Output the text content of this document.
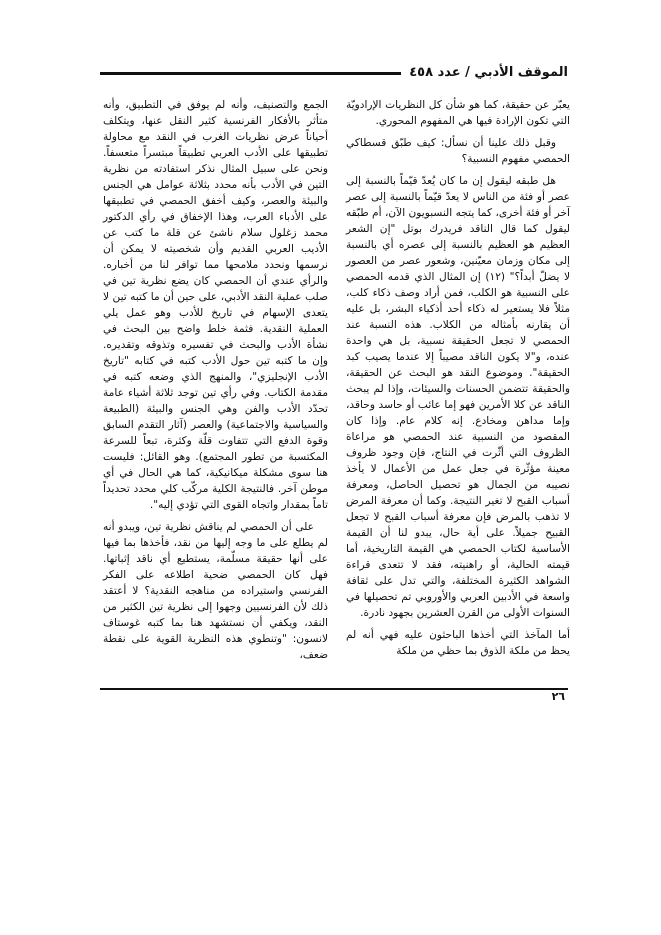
الموقف الأدبي / عدد ٤٥٨

يعبّر عن حقيقة، كما هو شأن كل النظريات الإرادويّة التي تكون الإرادة فيها هي المفهوم المحوري.

وقبل ذلك علينا أن نسأل: كيف طبّق قسطاكي الحمصي مفهوم النسبية؟

هل طبقه ليقول إن ما كان يُعدّ قيّماً بالنسبة إلى عصر أو فئة من الناس لا يعدّ قيّماً بالنسبة إلى عصر آخر أو فئة أخرى، كما يتجه النسبويون الآن، أم طبّقه ليقول كما قال الناقد فريدرك بوتل "إن الشعر العظيم هو العظيم بالنسبة إلى عصره أي بالنسبة إلى مكان وزمان معيّنين، وشعور عصر من العصور لا يضلّ أبداً؟" (١٢) إن المثال الذي قدمه الحمصي على النسبية هو الكلب، فمن أراد وصف ذكاء كلب، مثلاً فلا يستعير له ذكاء أحد أذكياء البشر، بل عليه أن يقارنه بأمثاله من الكلاب. هذه النسبة عند الحمصي لا تجعل الحقيقة نسبية، بل هي واحدة عنده، و"لا يكون الناقد مصيباً إلا عندما يصيب كبد الحقيقة". وموضوع النقد هو البحث عن الحقيقة، والحقيقة تتضمن الحسنات والسيئات، وإذا لم يبحث الناقد عن كلا الأمرين فهو إما عائب أو حاسد وحاقد، وإما مداهن ومخادع. إنه كلام عام. وإذا كان المقصود من النسبية عند الحمصي هو مراعاة الظروف التي أثّرت في النتاج، فإن وجود ظروف معينة مؤثّرة في جعل عمل من الأعمال لا يأخذ نصيبه من الجمال هو تحصيل الحاصل، ومعرفة أسباب القبح لا تغير النتيجة. وكما أن معرفة المرض لا تذهب بالمرض فإن معرفة أسباب القبح لا تجعل القبيح جميلاً. على أية حال، يبدو لنا أن القيمة الأساسية لكتاب الحمصي هي القيمة التاريخية، أما قيمته الحالية، أو راهنيته، فقد لا تتعدى قراءة الشواهد الكثيرة المختلفة، والتي تدل على ثقافة واسعة في الأدبين العربي والأوروبي تم تحصيلها في السنوات الأولى من القرن العشرين بجهود نادرة.

أما المآخذ التي أخذها الباحثون عليه فهي أنه لم يحظ من ملكة الذوق بما حظي من ملكة

الجمع والتصنيف، وأنه لم يوفق في التطبيق، وأنه متأثر بالأفكار الفرنسية كثير النقل عنها، ويتكلف أحياناً عرض نظريات الغرب في النقد مع محاولة تطبيقها على الأدب العربي تطبيقاً مبتسراً متعسفاً. ونحن على سبيل المثال نذكر استفادته من نظرية التين في الأدب بأنه محدد بثلاثة عوامل هي الجنس والبيئة والعصر، وكيف أخفق الحمصي في تطبيقها على الأدباء العرب، وهذا الإخفاق في رأي الدكتور محمد زغلول سلام ناشئ عن قلة ما كتب عن الأديب العربي القديم وأن شخصيته لا يمكن أن نرسمها ونحدد ملامحها مما توافر لنا من أخباره. والرأي عندي أن الحمصي كان يضع نظرية تين في صلب عملية النقد الأدبي، على حين أن ما كتبه تين لا يتعدى الإسهام في تاريخ للأدب وهو عمل يلي العملية النقدية. فثمة خلط واضح بين البحث في نشأة الأدب والبحث في تفسيره وتذوقه وتقديره. وإن ما كتبه تين حول الأدب كتبه في كتابه "تاريخ الأدب الإنجليزي"، والمنهج الذي وضعه كتبه في مقدمة الكتاب. وفي رأي تين توجد ثلاثة أشياء عامة تحدّد الأدب والفن وهي الجنس والبيئة (الطبيعة والسياسية والاجتماعية) والعصر (آثار التقدم السابق وقوة الدفع التي تتفاوت قلّة وكثرة، تبعاً للسرعة المكتسبة من تطور المجتمع). وهو القائل: فليست هنا سوى مشكلة ميكانيكية، كما هي الحال في أي موطن آخر. فالنتيجة الكلية مركّب كلي محدد تحديداً تاماً بمقدار واتجاه القوى التي تؤدي إليه".

على أن الحمصي لم يناقش نظرية تين، ويبدو أنه لم يطلع على ما وجه إليها من نقد، فأخذها بما فيها على أنها حقيقة مسلّمة، يستطيع أي ناقد إثباتها. فهل كان الحمصي ضحية اطلاعه على الفكر الفرنسي واستيراده من مناهجه النقدية؟ لا أعتقد ذلك لأن الفرنسيين وجهوا إلى نظرية تين الكثير من النقد، ويكفي أن نستشهد هنا بما كتبه غوستاف لانسون: "وتنطوي هذه النظرية القوية على نقطة ضعف،

٢٦
